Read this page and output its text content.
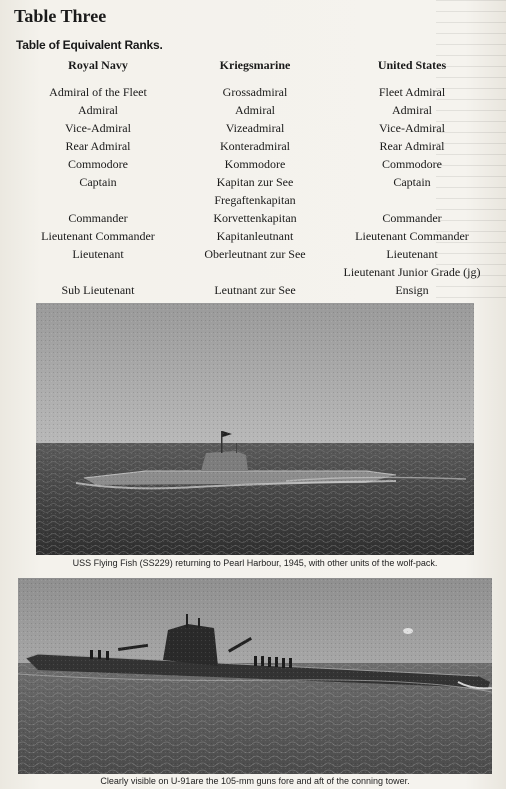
Table Three
Table of Equivalent Ranks.
Royal Navy	Kriegsmarine	United States

Admiral of the Fleet	Grossadmiral	Fleet Admiral
Admiral	Admiral	Admiral
Vice-Admiral	Vizeadmiral	Vice-Admiral
Rear Admiral	Konteradmiral	Rear Admiral
Commodore	Kommodore	Commodore
Captain	Kapitan zur See	Captain
	Fregaftenkapitan	
Commander	Korvettenkapitan	Commander
Lieutenant Commander	Kapitanleutnant	Lieutenant Commander
Lieutenant	Oberleutnant zur See	Lieutenant
		Lieutenant Junior Grade (jg)
Sub Lieutenant	Leutnant zur See	Ensign
USS Flying Fish (SS229) returning to Pearl Harbour, 1945, with other units of the wolf-pack.
Clearly visible on U-91are the 105-mm guns fore and aft of the conning tower.
